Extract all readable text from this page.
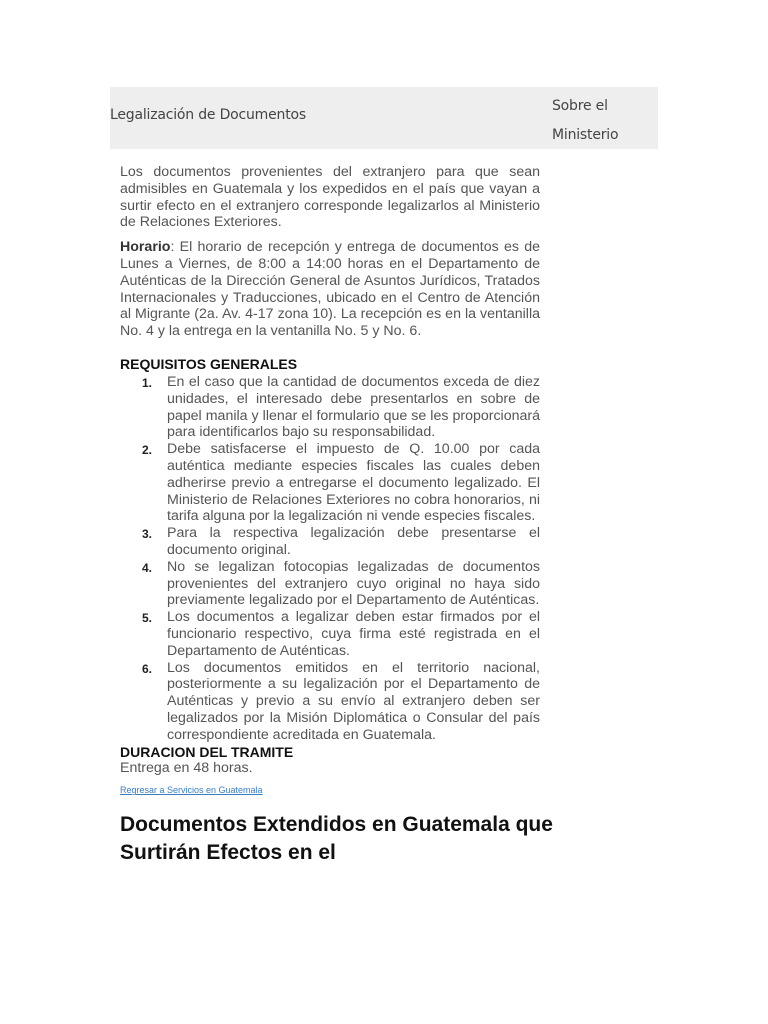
Legalización de Documentos
Sobre el
Ministerio

Los documentos provenientes del extranjero para que sean admisibles en Guatemala y los expedidos en el país que vayan a surtir efecto en el extranjero corresponde legalizarlos al Ministerio de Relaciones Exteriores.

Horario: El horario de recepción y entrega de documentos es de Lunes a Viernes, de 8:00 a 14:00 horas en el Departamento de Auténticas de la Dirección General de Asuntos Jurídicos, Tratados Internacionales y Traducciones, ubicado en el Centro de Atención al Migrante (2a. Av. 4-17 zona 10). La recepción es en la ventanilla No. 4 y la entrega en la ventanilla No. 5 y No. 6.

REQUISITOS GENERALES
1. En el caso que la cantidad de documentos exceda de diez unidades, el interesado debe presentarlos en sobre de papel manila y llenar el formulario que se les proporcionará para identificarlos bajo su responsabilidad.
2. Debe satisfacerse el impuesto de Q. 10.00 por cada auténtica mediante especies fiscales las cuales deben adherirse previo a entregarse el documento legalizado. El Ministerio de Relaciones Exteriores no cobra honorarios, ni tarifa alguna por la legalización ni vende especies fiscales.
3. Para la respectiva legalización debe presentarse el documento original.
4. No se legalizan fotocopias legalizadas de documentos provenientes del extranjero cuyo original no haya sido previamente legalizado por el Departamento de Auténticas.
5. Los documentos a legalizar deben estar firmados por el funcionario respectivo, cuya firma esté registrada en el Departamento de Auténticas.
6. Los documentos emitidos en el territorio nacional, posteriormente a su legalización por el Departamento de Auténticas y previo a su envío al extranjero deben ser legalizados por la Misión Diplomática o Consular del país correspondiente acreditada en Guatemala.

DURACION DEL TRAMITE

Entrega en 48 horas.

Regresar a Servicios en Guatemala
Documentos Extendidos en Guatemala que Surtirán Efectos en el
